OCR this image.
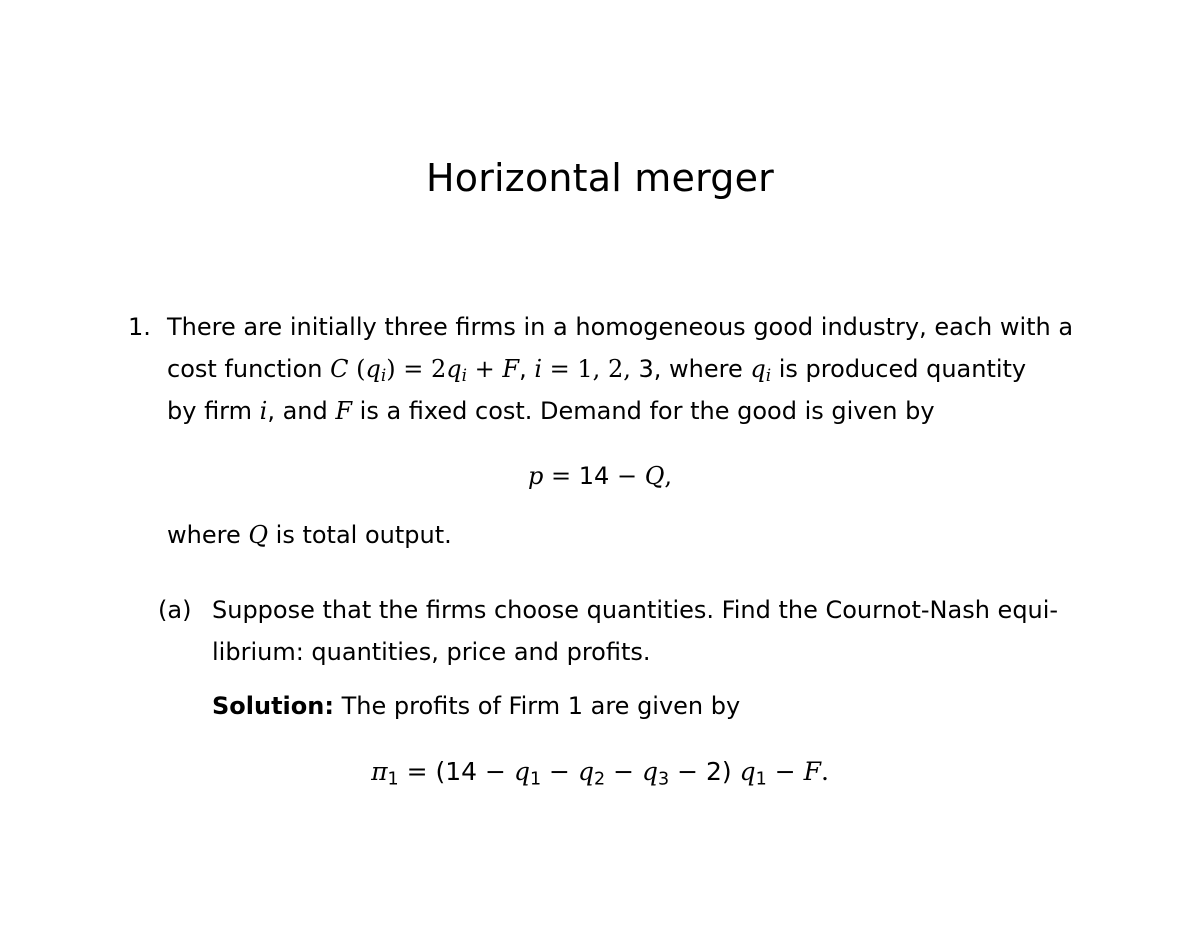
Horizontal merger
1. There are initially three firms in a homogeneous good industry, each with a
cost function C $(q_i) = 2q_i + F$, i = 1, 2, 3, where $q_i$ is produced quantity
by firm i, and F is a fixed cost. Demand for the good is given by
p = 14 − Q,
where Q is total output.
(a) Suppose that the firms choose quantities. Find the Cournot-Nash equi-
librium: quantities, price and profits.
Solution: The profits of Firm 1 are given by
$\pi_1 = (14 - q_1 - q_2 - q_3 - 2) q_1 - F$.
